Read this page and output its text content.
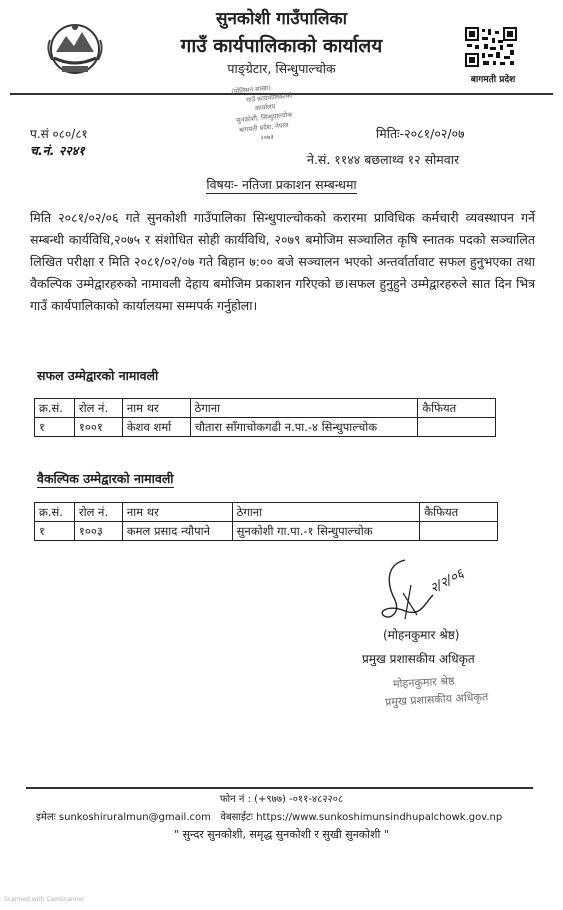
सुनकोशी गाउँपालिका
गाउँ कार्यपालिकाको कार्यालय
पाङ्ग्रेटार, सिन्धुपाल्चोक
बागमती प्रदेश
(पोलिसन शाखा)
गाउँ कार्यपालिकाको
कार्यालय
सुनकोशी, सिन्धुपाल्चोक
बागमती प्रदेश, नेपाल
२०७३
प.सं ०८०/८१
च.नं. २२४१
मितिः-२०८१/०२/०७
ने.सं. ११४४ बछलाथ्व १२ सोमवार
विषयः- नतिजा प्रकाशन सम्बन्धमा
मिति २०८१/०२/०६ गते सुनकोशी गाउँपालिका सिन्धुपाल्चोकको करारमा प्राविधिक कर्मचारी व्यवस्थापन गर्ने सम्बन्धी कार्यविधि,२०७५ र संशोधित सोही कार्यविधि, २०७९ बमोजिम सञ्चालित कृषि स्नातक पदको सञ्चालित लिखित परीक्षा र मिति २०८१/०२/०७ गते बिहान ७:०० बजे सञ्चालन भएको अन्तर्वार्तावाट सफल हुनुभएका तथा वैकल्पिक उम्मेद्वारहरुको नामावली देहाय बमोजिम प्रकाशन गरिएको छ।सफल हुनुहुने उम्मेद्वारहरुले सात दिन भित्र गाउँ कार्यपालिकाको कार्यालयमा सम्मपर्क गर्नुहोला।
सफल उम्मेद्वारको नामावली
क्र.सं.	रोल नं.	नाम थर	ठेगाना	कैफियत
१	१००१	केशव शर्मा	चौतारा साँगाचोकगढी न.पा.-४ सिन्धुपाल्चोक	
वैकल्पिक उम्मेद्वारको नामावली
क्र.सं.	रोल नं.	नाम थर	ठेगाना	कैफियत
१	१००३	कमल प्रसाद न्यौपाने	सुनकोशी गा.पा.-१ सिन्धुपाल्चोक	
२/२/०६
(मोहनकुमार श्रेष्ठ)
प्रमुख प्रशासकीय अधिकृत
मोहनकुमार श्रेष्ठ
प्रमुख प्रशासकीय अधिकृत
फोन नं : (+९७७) -०११-४८२२०८
इमेलः sunkoshiruralmun@gmail.com वेबसाईटः https://www.sunkoshimunsindhupalchowk.gov.np
" सुन्दर सुनकोशी, समृद्ध सुनकोशी र सुखी सुनकोशी "
Scanned with CamScanner
